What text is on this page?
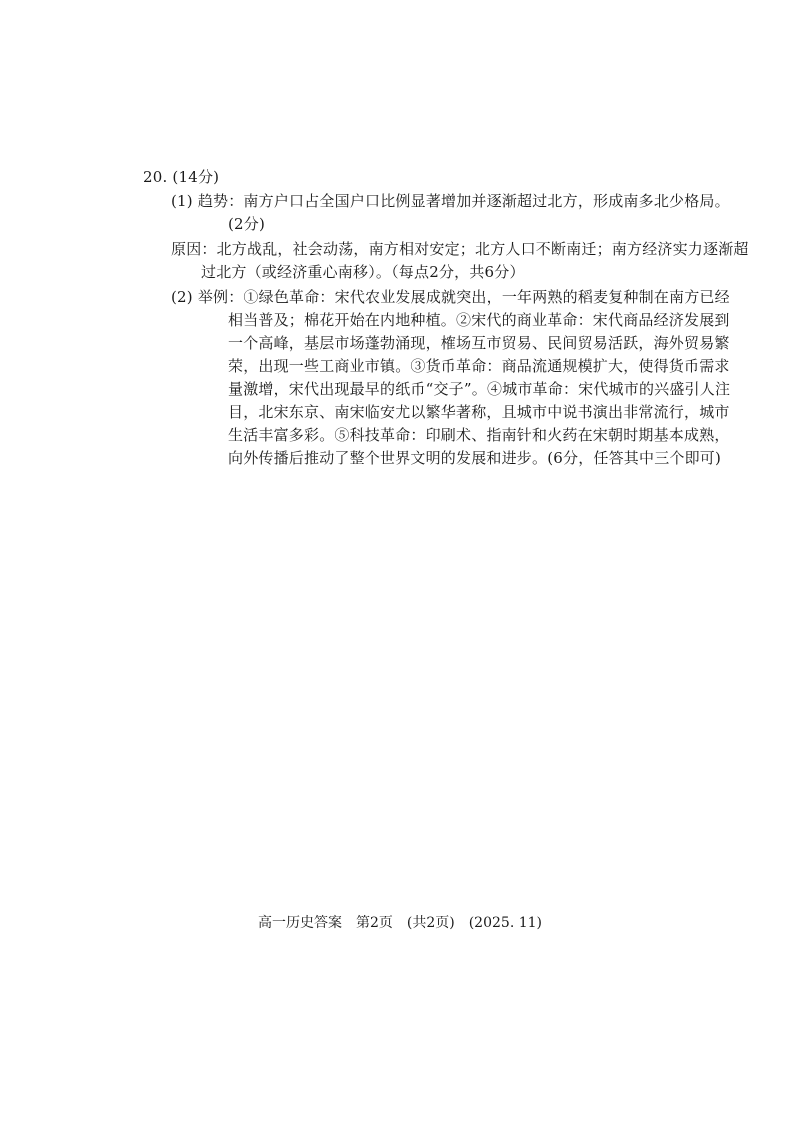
20. (14分)
(1) 趋势：南方户口占全国户口比例显著增加并逐渐超过北方，形成南多北少格局。
(2分)
原因：北方战乱，社会动荡，南方相对安定；北方人口不断南迁；南方经济实力逐渐超
过北方（或经济重心南移）。（每点2分，共6分）
(2) 举例：①绿色革命：宋代农业发展成就突出，一年两熟的稻麦复种制在南方已经
相当普及；棉花开始在内地种植。②宋代的商业革命：宋代商品经济发展到
一个高峰，基层市场蓬勃涌现，榷场互市贸易、民间贸易活跃，海外贸易繁
荣，出现一些工商业市镇。③货币革命：商品流通规模扩大，使得货币需求
量激增，宋代出现最早的纸币“交子”。④城市革命：宋代城市的兴盛引人注
目，北宋东京、南宋临安尤以繁华著称，且城市中说书演出非常流行，城市
生活丰富多彩。⑤科技革命：印刷术、指南针和火药在宋朝时期基本成熟，
向外传播后推动了整个世界文明的发展和进步。(6分，任答其中三个即可)
高一历史答案　第2页　(共2页)　(2025. 11)
